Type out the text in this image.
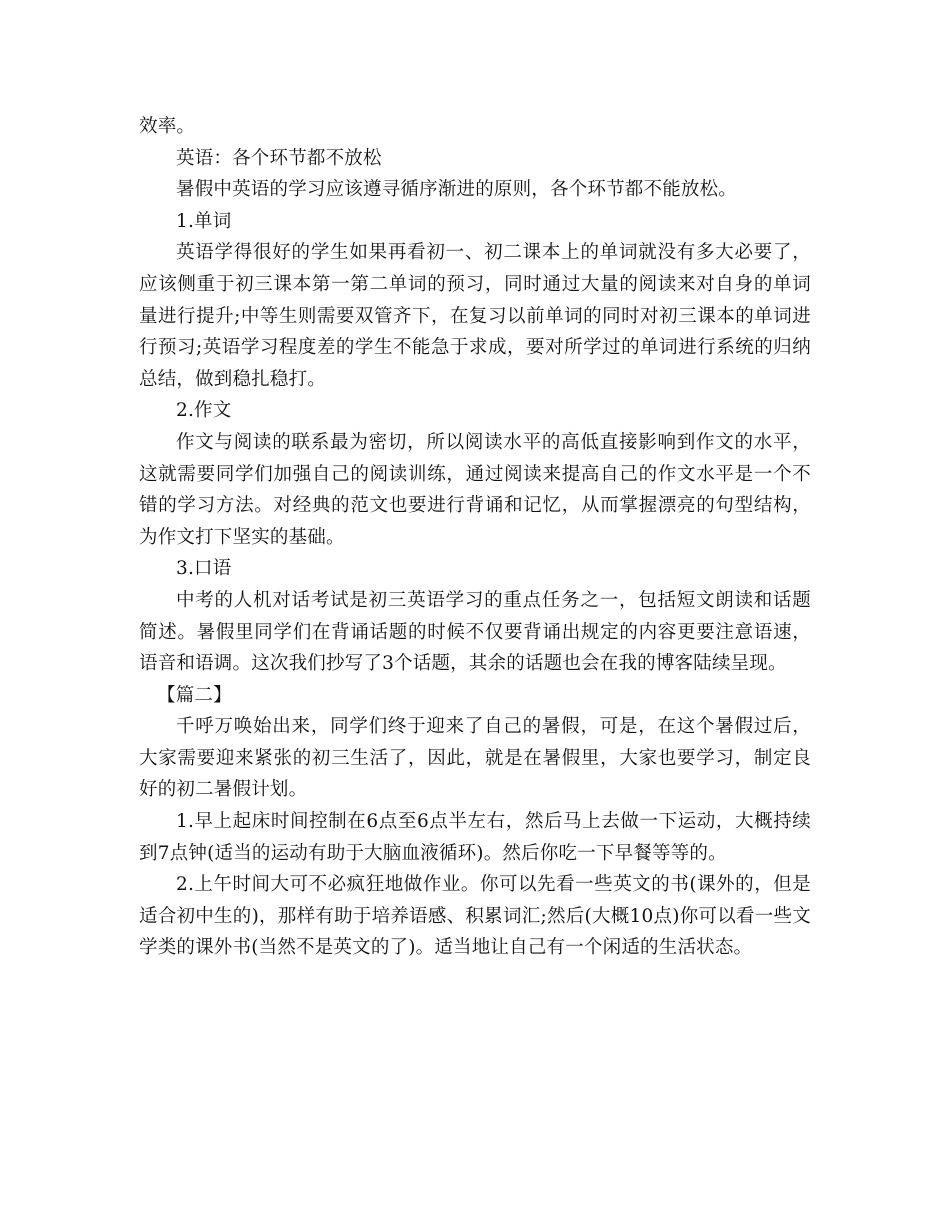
效率。

英语：各个环节都不放松

暑假中英语的学习应该遵寻循序渐进的原则，各个环节都不能放松。

1.单词

英语学得很好的学生如果再看初一、初二课本上的单词就没有多大必要了，应该侧重于初三课本第一第二单词的预习，同时通过大量的阅读来对自身的单词量进行提升;中等生则需要双管齐下，在复习以前单词的同时对初三课本的单词进行预习;英语学习程度差的学生不能急于求成，要对所学过的单词进行系统的归纳总结，做到稳扎稳打。

2.作文

作文与阅读的联系最为密切，所以阅读水平的高低直接影响到作文的水平，这就需要同学们加强自己的阅读训练，通过阅读来提高自己的作文水平是一个不错的学习方法。对经典的范文也要进行背诵和记忆，从而掌握漂亮的句型结构，为作文打下坚实的基础。

3.口语

中考的人机对话考试是初三英语学习的重点任务之一，包括短文朗读和话题简述。暑假里同学们在背诵话题的时候不仅要背诵出规定的内容更要注意语速，语音和语调。这次我们抄写了3个话题，其余的话题也会在我的博客陆续呈现。

【篇二】

千呼万唤始出来，同学们终于迎来了自己的暑假，可是，在这个暑假过后，大家需要迎来紧张的初三生活了，因此，就是在暑假里，大家也要学习，制定良好的初二暑假计划。

1.早上起床时间控制在6点至6点半左右，然后马上去做一下运动，大概持续到7点钟(适当的运动有助于大脑血液循环)。然后你吃一下早餐等等的。

2.上午时间大可不必疯狂地做作业。你可以先看一些英文的书(课外的，但是适合初中生的)，那样有助于培养语感、积累词汇;然后(大概10点)你可以看一些文学类的课外书(当然不是英文的了)。适当地让自己有一个闲适的生活状态。
